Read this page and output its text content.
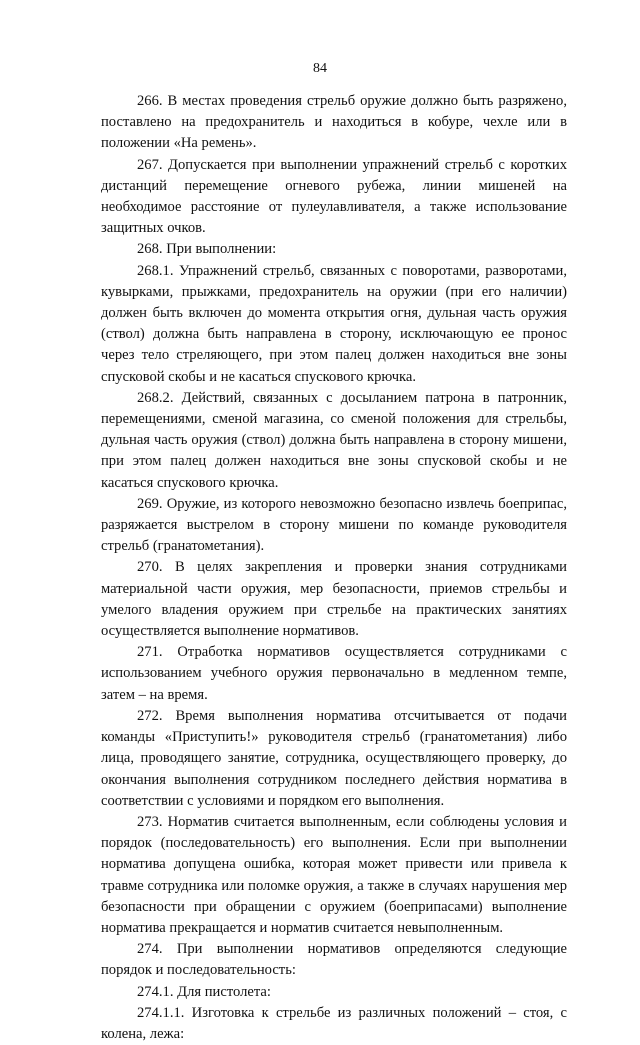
84

266. В местах проведения стрельб оружие должно быть разряжено, поставлено на предохранитель и находиться в кобуре, чехле или в положении «На ремень».

267. Допускается при выполнении упражнений стрельб с коротких дистанций перемещение огневого рубежа, линии мишеней на необходимое расстояние от пулеулавливателя, а также использование защитных очков.

268. При выполнении:

268.1. Упражнений стрельб, связанных с поворотами, разворотами, кувырками, прыжками, предохранитель на оружии (при его наличии) должен быть включен до момента открытия огня, дульная часть оружия (ствол) должна быть направлена в сторону, исключающую ее пронос через тело стреляющего, при этом палец должен находиться вне зоны спусковой скобы и не касаться спускового крючка.

268.2. Действий, связанных с досыланием патрона в патронник, перемещениями, сменой магазина, со сменой положения для стрельбы, дульная часть оружия (ствол) должна быть направлена в сторону мишени, при этом палец должен находиться вне зоны спусковой скобы и не касаться спускового крючка.

269. Оружие, из которого невозможно безопасно извлечь боеприпас, разряжается выстрелом в сторону мишени по команде руководителя стрельб (гранатометания).

270. В целях закрепления и проверки знания сотрудниками материальной части оружия, мер безопасности, приемов стрельбы и умелого владения оружием при стрельбе на практических занятиях осуществляется выполнение нормативов.

271. Отработка нормативов осуществляется сотрудниками с использованием учебного оружия первоначально в медленном темпе, затем – на время.

272. Время выполнения норматива отсчитывается от подачи команды «Приступить!» руководителя стрельб (гранатометания) либо лица, проводящего занятие, сотрудника, осуществляющего проверку, до окончания выполнения сотрудником последнего действия норматива в соответствии с условиями и порядком его выполнения.

273. Норматив считается выполненным, если соблюдены условия и порядок (последовательность) его выполнения. Если при выполнении норматива допущена ошибка, которая может привести или привела к травме сотрудника или поломке оружия, а также в случаях нарушения мер безопасности при обращении с оружием (боеприпасами) выполнение норматива прекращается и норматив считается невыполненным.

274. При выполнении нормативов определяются следующие порядок и последовательность:

274.1. Для пистолета:

274.1.1. Изготовка к стрельбе из различных положений – стоя, с колена, лежа:
